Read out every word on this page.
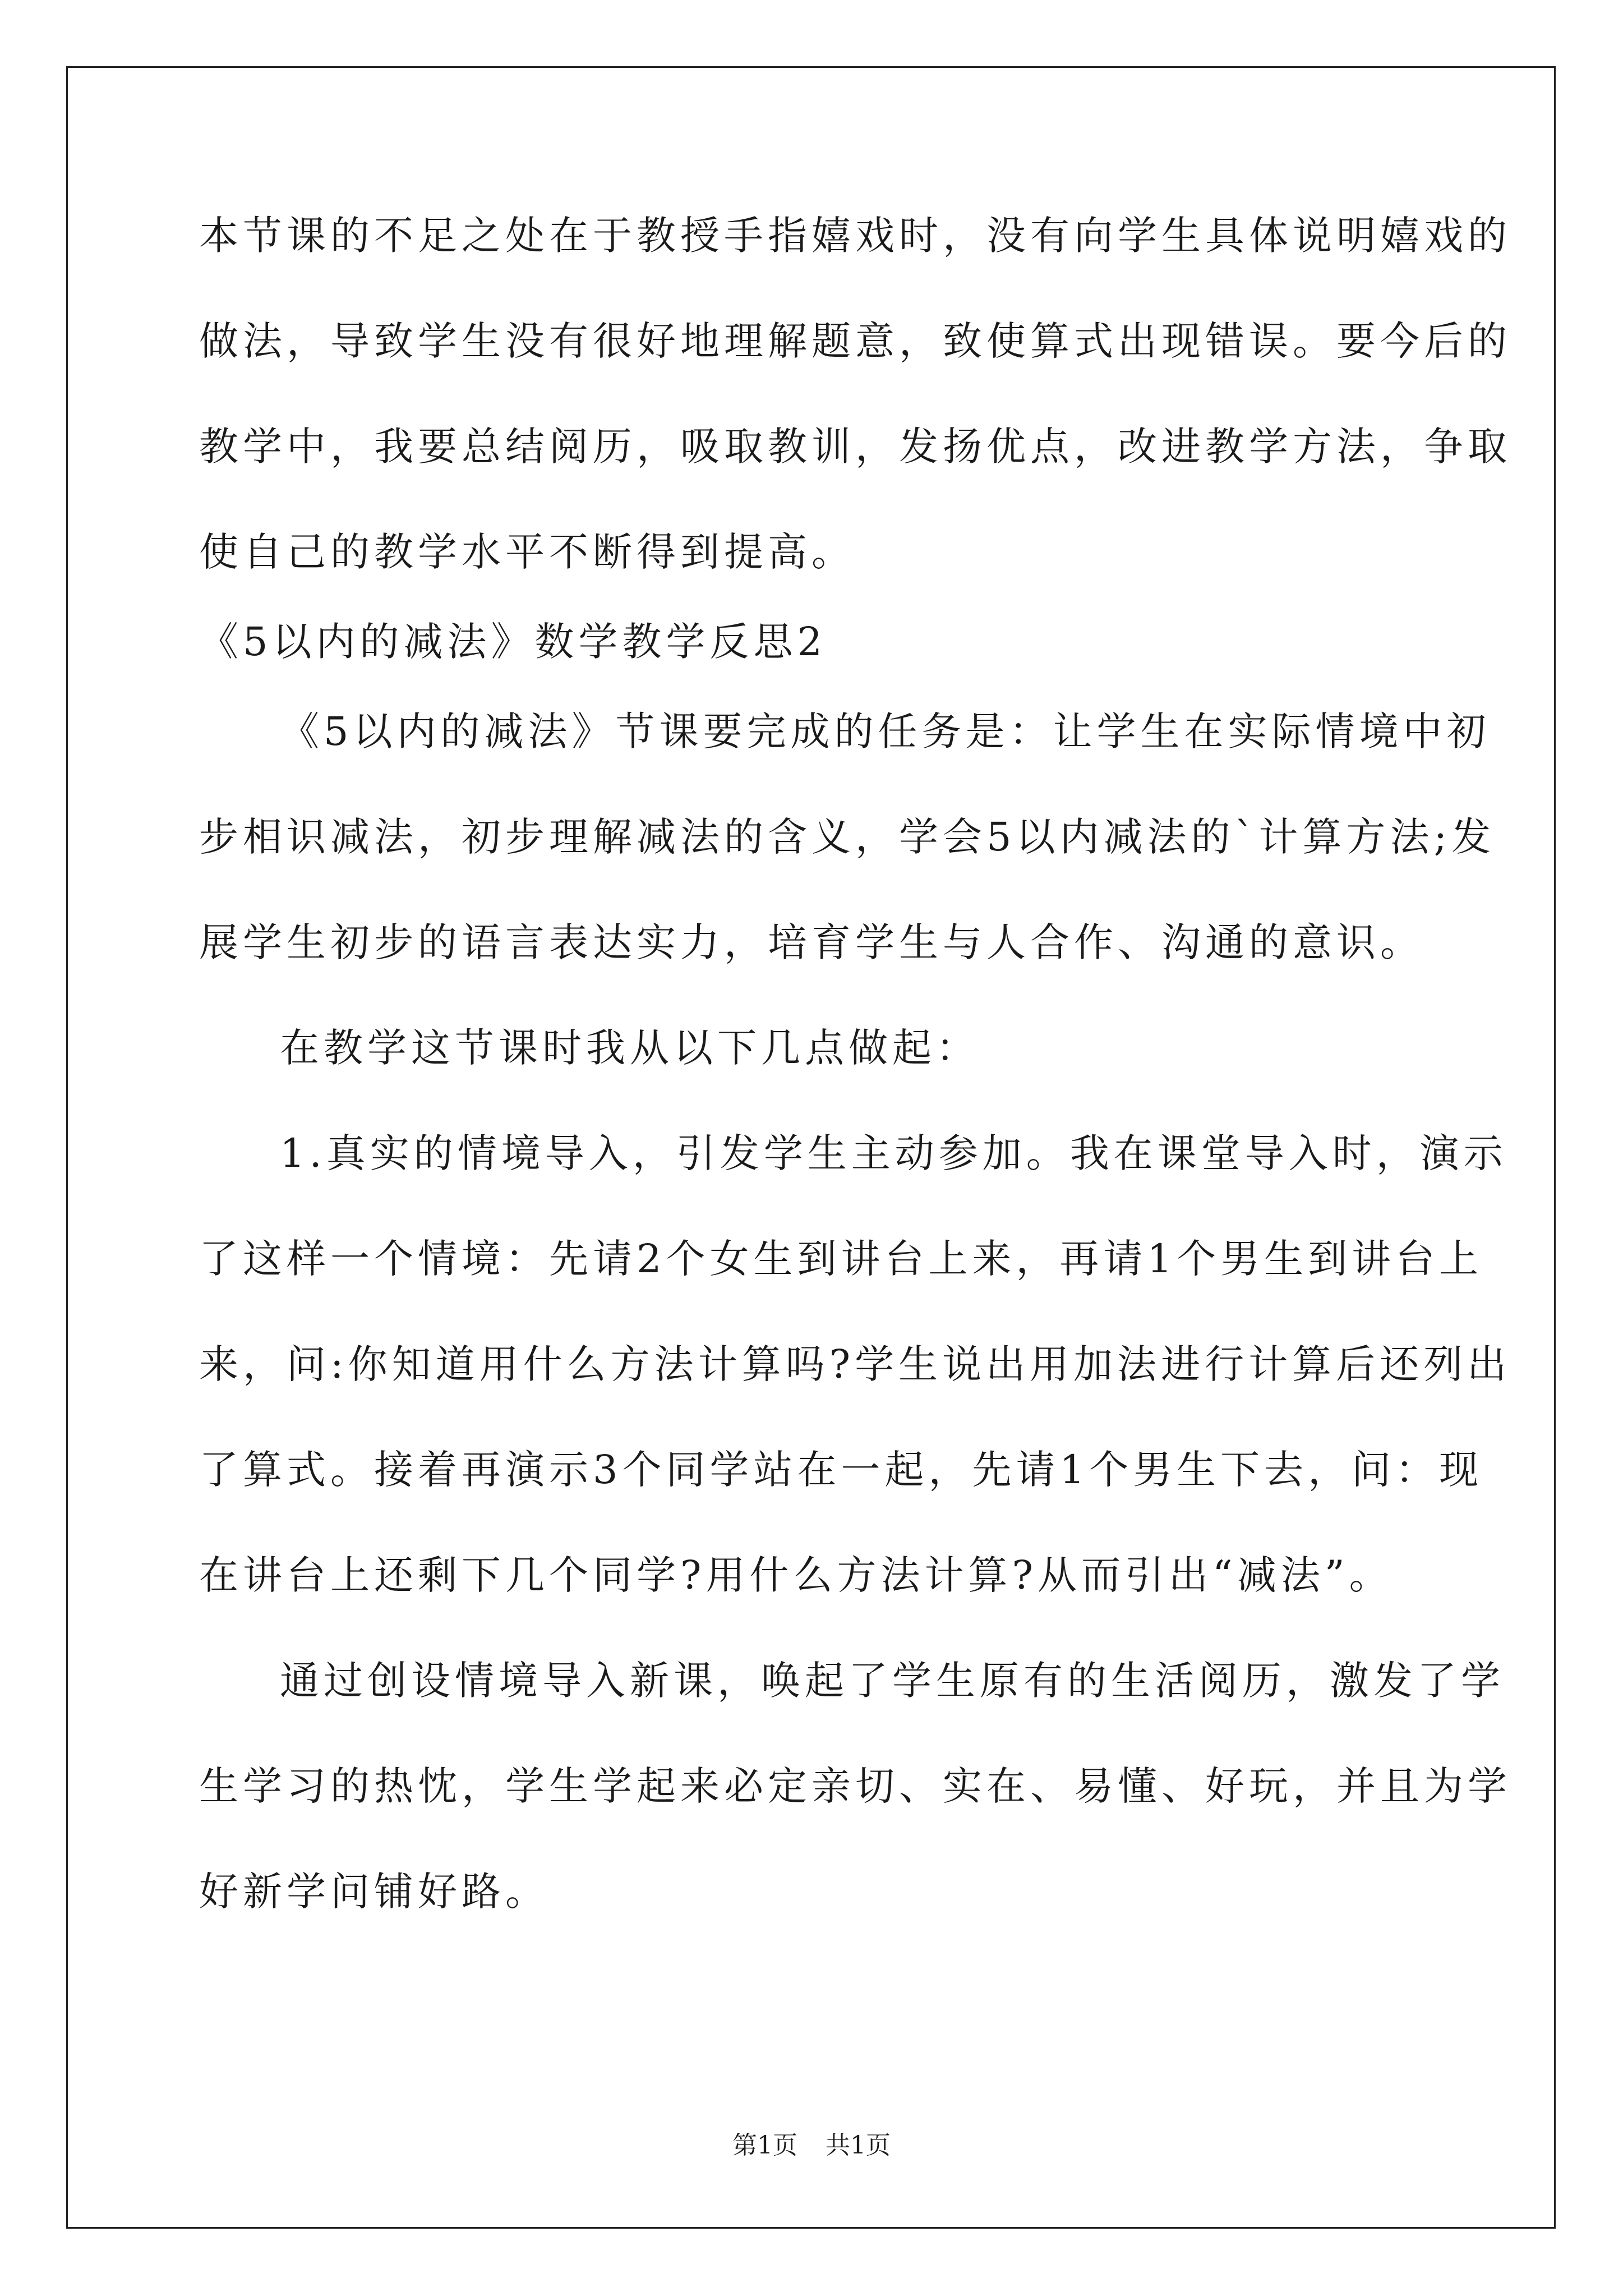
本节课的不足之处在于教授手指嬉戏时，没有向学生具体说明嬉戏的
做法，导致学生没有很好地理解题意，致使算式出现错误。要今后的
教学中，我要总结阅历，吸取教训，发扬优点，改进教学方法，争取
使自己的教学水平不断得到提高。
《5以内的减法》数学教学反思2
《5以内的减法》节课要完成的任务是：让学生在实际情境中初
步相识减法，初步理解减法的含义，学会5以内减法的`计算方法;发
展学生初步的语言表达实力，培育学生与人合作、沟通的意识。
在教学这节课时我从以下几点做起：
1.真实的情境导入，引发学生主动参加。我在课堂导入时，演示
了这样一个情境：先请2个女生到讲台上来，再请1个男生到讲台上
来，问:你知道用什么方法计算吗?学生说出用加法进行计算后还列出
了算式。接着再演示3个同学站在一起，先请1个男生下去，问：现
在讲台上还剩下几个同学?用什么方法计算?从而引出“减法”。
通过创设情境导入新课，唤起了学生原有的生活阅历，激发了学
生学习的热忱，学生学起来必定亲切、实在、易懂、好玩，并且为学
好新学问铺好路。
第1页 共1页
